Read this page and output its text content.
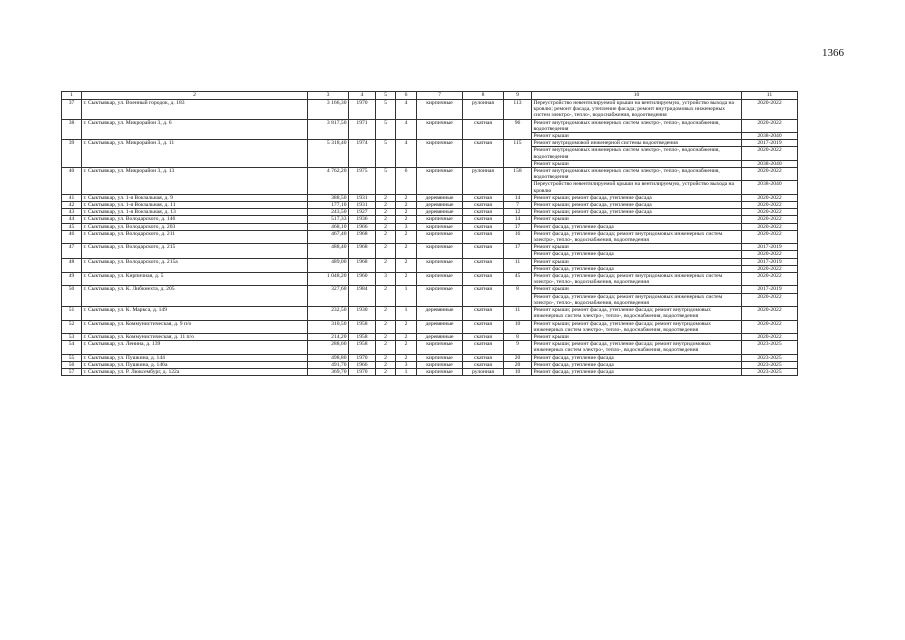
1366
1	2	3	4	5	6	7	8	9	10	11
37	г. Сыктывкар, ул. Военный городок, д. 183	3 166,30	1970	5	4	кирпичные	рулонная	113	Переустройство невентилируемой крыши на вентилируемую, устройство выхода на кровлю; ремонт фасада, утепление фасада; ремонт внутридомовых инженерных систем электро-, тепло-, водоснабжения, водоотведения	2020-2022
38	г. Сыктывкар, ул. Микрорайон 3, д. 6	3 817,50	1971	5	4	кирпичные	скатная	96	Ремонт внутридомовых инженерных систем электро-, тепло-, водоснабжения, водоотведения	2020-2022
									Ремонт крыши	2038-2040
39	г. Сыктывкар, ул. Микрорайон 3, д. 11	5 318,40	1974	5	4	кирпичные	скатная	115	Ремонт внутридомовой инженерной системы водоотведения	2017-2019
									Ремонт внутридомовых инженерных систем электро-, тепло-, водоснабжения, водоотведения	2020-2022
									Ремонт крыши	2038-2040
40	г. Сыктывкар, ул. Микрорайон 3, д. 13	4 762,20	1975	5	6	кирпичные	рулонная	158	Ремонт внутридомовых инженерных систем электро-, тепло-, водоснабжения, водоотведения	2020-2022
									Переустройство невентилируемой крыши на вентилируемую, устройство выхода на кровлю	2038-2040
41	г. Сыктывкар, ул. 1-я Вокзальная, д. 9	388,50	1931	2	2	деревянные	скатная	14	Ремонт крыши; ремонт фасада, утепление фасада	2020-2022
42	г. Сыктывкар, ул. 1-я Вокзальная, д. 11	177,10	1931	2	2	деревянные	скатная	7	Ремонт крыши; ремонт фасада, утепление фасада	2020-2022
43	г. Сыктывкар, ул. 1-я Вокзальная, д. 13	243,50	1927	2	2	деревянные	скатная	12	Ремонт крыши; ремонт фасада, утепление фасада	2020-2022
44	г. Сыктывкар, ул. Володарского, д. 146	517,33	1936	2	2	кирпичные	скатная	14	Ремонт крыши	2020-2022
45	г. Сыктывкар, ул. Володарского, д. 203	468,10	1966	2	3	кирпичные	скатная	17	Ремонт фасада, утепление фасада	2020-2022
46	г. Сыктывкар, ул. Володарского, д. 211	467,40	1968	2	2	кирпичные	скатная	16	Ремонт фасада, утепление фасада; ремонт внутридомовых инженерных систем электро-, тепло-, водоснабжения, водоотведения	2020-2022
47	г. Сыктывкар, ул. Володарского, д. 215	488,40	1968	2	2	кирпичные	скатная	17	Ремонт крыши	2017-2019
									Ремонт фасада, утепление фасада	2020-2022
48	г. Сыктывкар, ул. Володарского, д. 215а	489,00	1968	2	2	кирпичные	скатная	11	Ремонт крыши	2017-2019
									Ремонт фасада, утепление фасада	2020-2022
49	г. Сыктывкар, ул. Кирпичная, д. 5	1 048,20	1960	3	2	кирпичные	скатная	45	Ремонт фасада, утепление фасада; ремонт внутридомовых инженерных систем электро-, тепло-, водоснабжения, водоотведения	2020-2022
50	г. Сыктывкар, ул. К. Либкнехта, д. 205	327,60	1984	2	1	кирпичные	скатная	8	Ремонт крыши	2017-2019
									Ремонт фасада, утепление фасада; ремонт внутридомовых инженерных систем электро-, тепло-, водоснабжения, водоотведения	2020-2022
51	г. Сыктывкар, ул. К. Маркса, д. 149	232,50	1930	2	1	деревянные	скатная	11	Ремонт крыши; ремонт фасада, утепление фасада; ремонт внутридомовых инженерных систем электро-, тепло-, водоснабжения, водоотведения	2020-2022
52	г. Сыктывкар, ул. Коммунистическая, д. 9 п/о	310,50	1958	2	2	деревянные	скатная	10	Ремонт крыши; ремонт фасада, утепление фасада; ремонт внутридомовых инженерных систем электро-, тепло-, водоснабжения, водоотведения	2020-2022
53	г. Сыктывкар, ул. Коммунистическая, д. 11 п/о	214,20	1958	2	2	деревянные	скатная	8	Ремонт крыши	2020-2022
54	г. Сыктывкар, ул. Ленина, д. 139	288,60	1958	2	2	кирпичные	скатная	9	Ремонт крыши; ремонт фасада, утепление фасада; ремонт внутридомовых инженерных систем электро-, тепло-, водоснабжения, водоотведения	2023-2025
55	г. Сыктывкар, ул. Пушкина, д. 144	498,80	1970	2	2	кирпичные	скатная	20	Ремонт фасада, утепление фасада	2023-2025
56	г. Сыктывкар, ул. Пушкина, д. 146а	491,70	1966	2	3	кирпичные	скатная	20	Ремонт фасада, утепление фасада	2023-2025
57	г. Сыктывкар, ул. Р. Люксембург, д. 122а	369,70	1970	2	1	кирпичные	рулонная	10	Ремонт фасада, утепление фасада	2023-2025
